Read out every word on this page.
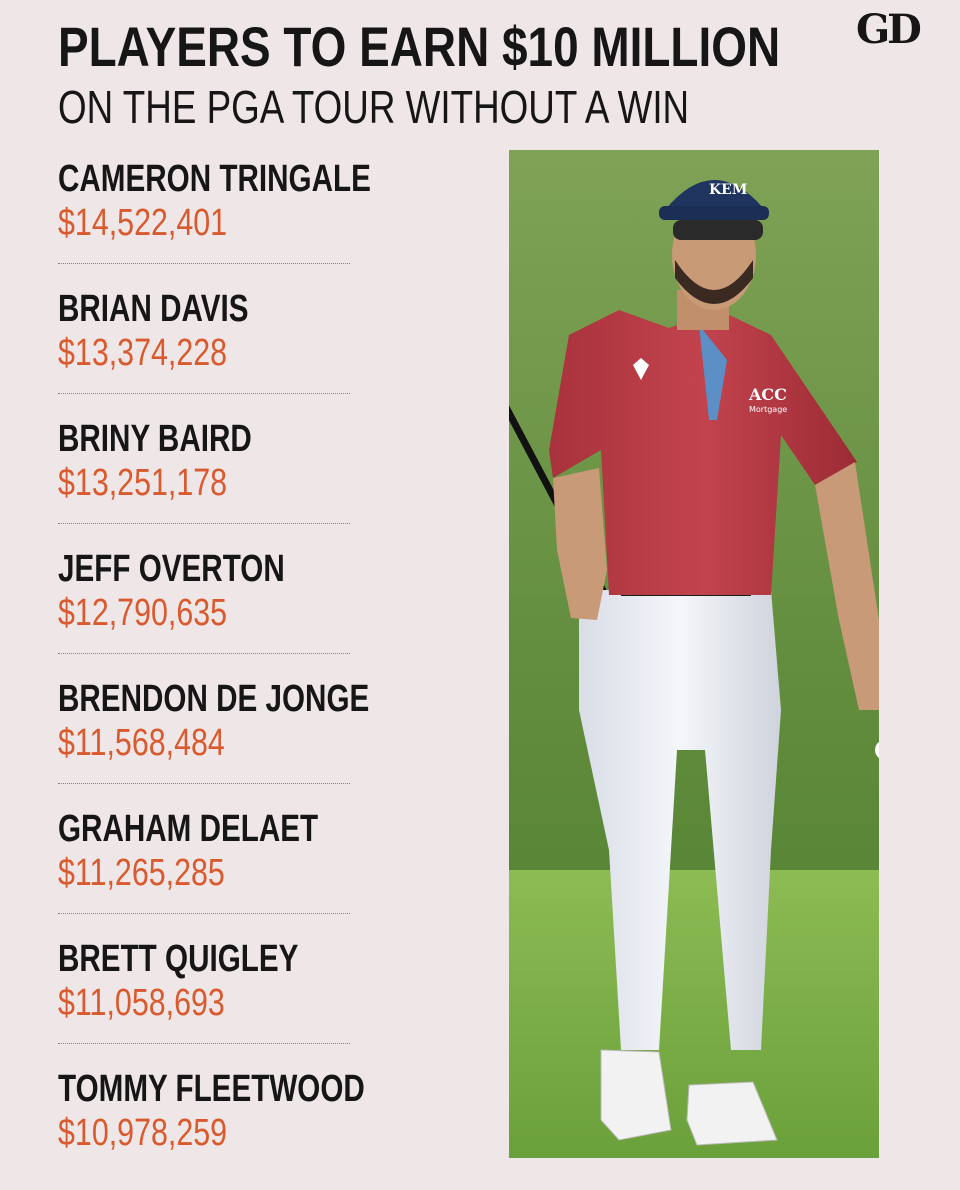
PLAYERS TO EARN $10 MILLION
ON THE PGA TOUR WITHOUT A WIN
GD
CAMERON TRINGALE
$14,522,401
BRIAN DAVIS
$13,374,228
BRINY BAIRD
$13,251,178
JEFF OVERTON
$12,790,635
BRENDON DE JONGE
$11,568,484
GRAHAM DELAET
$11,265,285
BRETT QUIGLEY
$11,058,693
TOMMY FLEETWOOD
$10,978,259
KEM
ACC
Mortgage
